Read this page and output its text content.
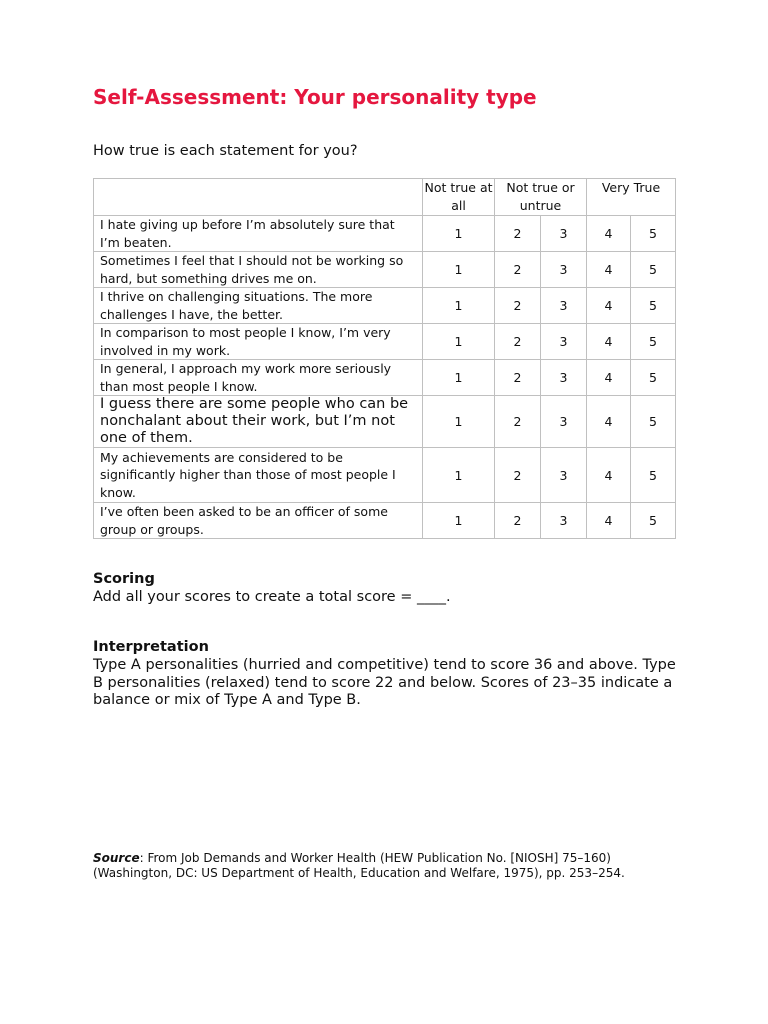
Self-Assessment: Your personality type

How true is each statement for you?

	Not true at all	Not true or untrue		Very True	
I hate giving up before I’m absolutely sure that I’m beaten.	1	2	3	4	5
Sometimes I feel that I should not be working so hard, but something drives me on.	1	2	3	4	5
I thrive on challenging situations. The more challenges I have, the better.	1	2	3	4	5
In comparison to most people I know, I’m very involved in my work.	1	2	3	4	5
In general, I approach my work more seriously than most people I know.	1	2	3	4	5
I guess there are some people who can be nonchalant about their work, but I’m not one of them.	1	2	3	4	5
My achievements are considered to be significantly higher than those of most people I know.	1	2	3	4	5
I’ve often been asked to be an officer of some group or groups.	1	2	3	4	5
Scoring

Add all your scores to create a total score = ____.

Interpretation

Type A personalities (hurried and competitive) tend to score 36 and above. Type B personalities (relaxed) tend to score 22 and below. Scores of 23–35 indicate a balance or mix of Type A and Type B.

Source: From Job Demands and Worker Health (HEW Publication No. [NIOSH] 75–160) (Washington, DC: US Department of Health, Education and Welfare, 1975), pp. 253–254.
